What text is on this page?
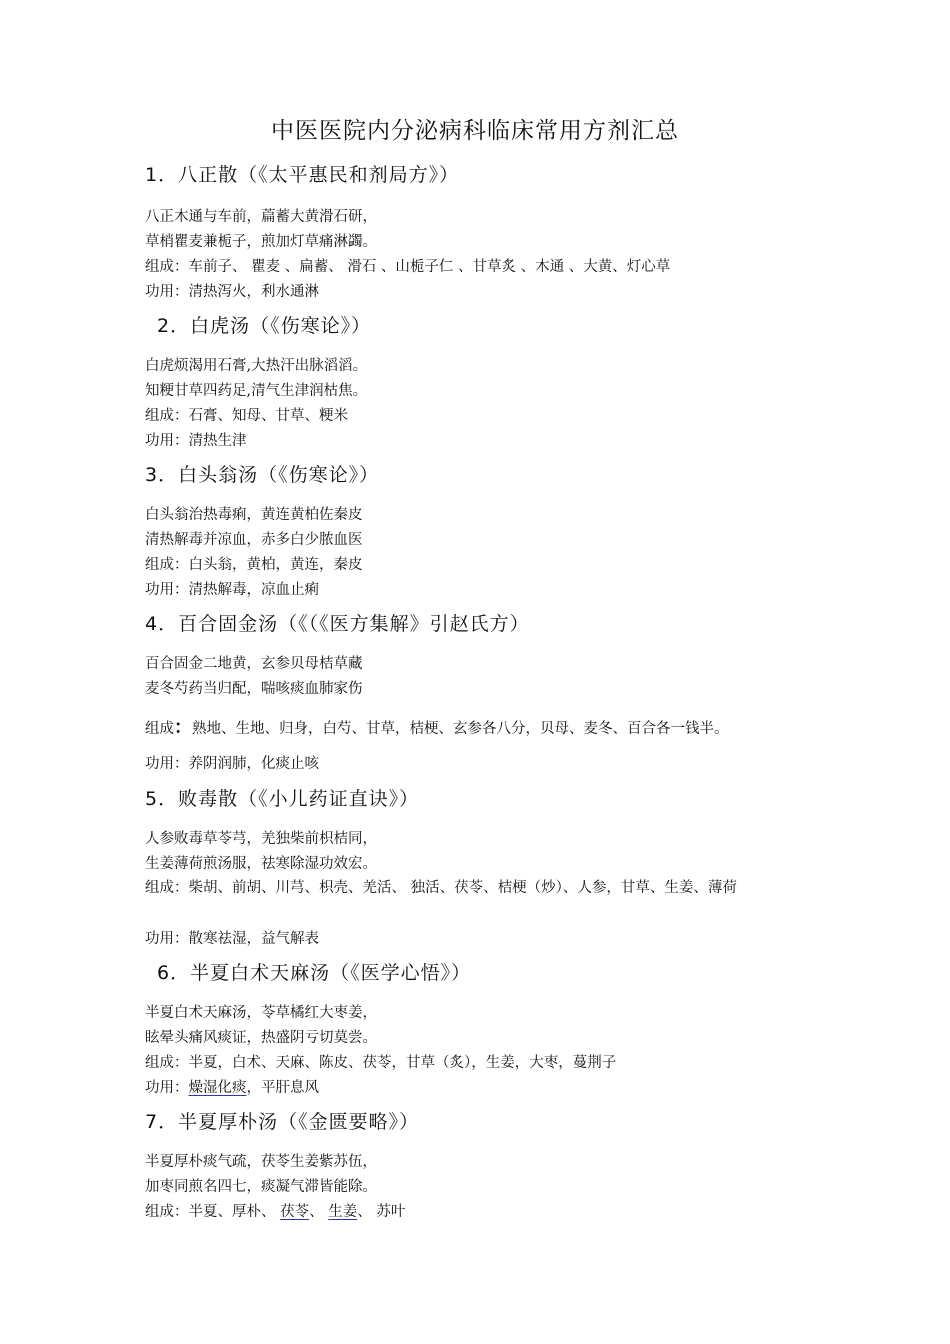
中医医院内分泌病科临床常用方剂汇总
1．八正散（《太平惠民和剂局方》）
八正木通与车前，萹蓄大黄滑石研，
草梢瞿麦兼栀子，煎加灯草痛淋蠲。
组成：车前子、 瞿麦 、扁蓄、 滑石 、山栀子仁 、甘草炙 、木通 、大黄、灯心草
功用：清热泻火，利水通淋
2．白虎汤（《伤寒论》）
白虎烦渴用石膏,大热汗出脉滔滔。
知粳甘草四药足,清气生津润枯焦。
组成：石膏、知母、甘草、粳米
功用：清热生津
3．白头翁汤（《伤寒论》）
白头翁治热毒痢，黄连黄柏佐秦皮
清热解毒并凉血，赤多白少脓血医
组成：白头翁，黄柏，黄连，秦皮
功用：清热解毒，凉血止痢
4．百合固金汤（《（《医方集解》引赵氏方）
百合固金二地黄，玄参贝母桔草藏
麦冬芍药当归配，喘咳痰血肺家伤
组成：熟地、生地、归身，白芍、甘草，桔梗、玄参各八分，贝母、麦冬、百合各一钱半。
功用：养阴润肺，化痰止咳
5．败毒散（《小儿药证直诀》）
人参败毒草苓芎，羌独柴前枳桔同，
生姜薄荷煎汤服，祛寒除湿功效宏。
组成：柴胡、前胡、川芎、枳壳、羌活、 独活、茯苓、桔梗（炒）、人参，甘草、生姜、薄荷
功用：散寒祛湿，益气解表
6．半夏白术天麻汤（《医学心悟》）
半夏白术天麻汤，苓草橘红大枣姜，
眩晕头痛风痰证，热盛阴亏切莫尝。
组成：半夏，白术、天麻、陈皮、茯苓，甘草（炙），生姜，大枣，蔓荆子
功用：燥湿化痰，平肝息风
7．半夏厚朴汤（《金匮要略》）
半夏厚朴痰气疏，茯苓生姜紫苏伍，
加枣同煎名四七，痰凝气滞皆能除。
组成：半夏、厚朴、 茯苓、 生姜、 苏叶
